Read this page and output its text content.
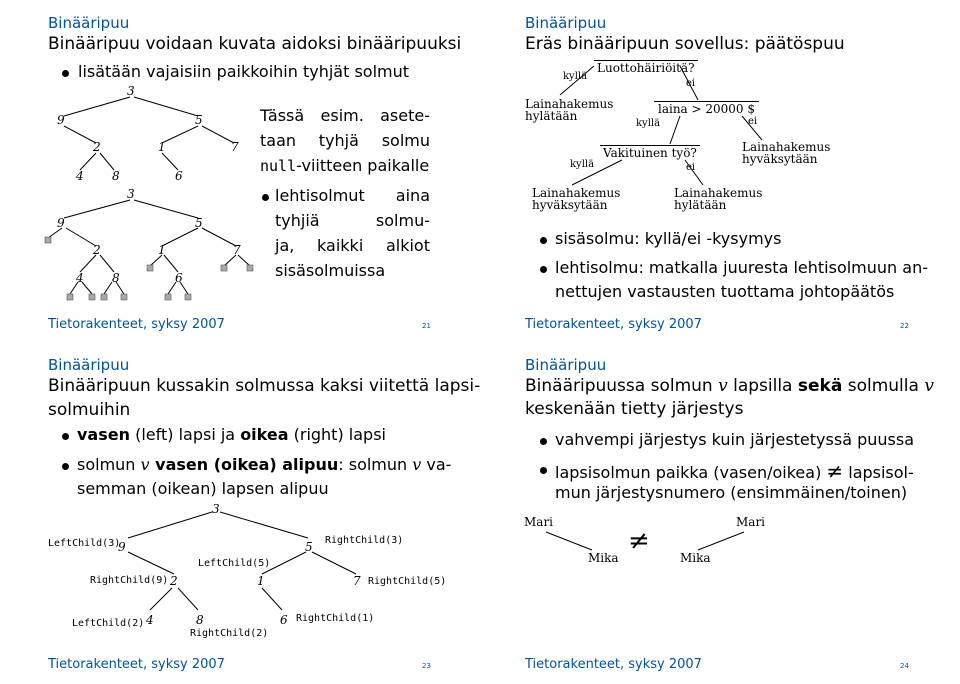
Binääripuu
Binääripuu voidaan kuvata aidoksi binääripuuksi
lisätään vajaisiin paikkoihin tyhjät solmut
3
9	5
2	1	7
4 8	6
3
9	5
2	1	7
4 8	6
Tässä esim. asete-
taan tyhjä solmu
null-viitteen paikalle
lehtisolmut aina
tyhjiä solmu-
ja, kaikki alkiot
sisäsolmuissa
Tietorakenteet, syksy 2007	21
Binääripuu
Eräs binääripuun sovellus: päätöspuu
Luottohäiriöitä?
kyllä
ei
Lainahakemus
hylätään	laina > 20000 $
kyllä	ei
Lainahakemus
hyväksytään
Vakituinen työ?
kyllä	ei
Lainahakemus
hyväksytään
Lainahakemus
hylätään
sisäsolmu: kyllä/ei -kysymys
lehtisolmu: matkalla juuresta lehtisolmuun an-
nettujen vastausten tuottama johtopäätös
Tietorakenteet, syksy 2007	22
Binääripuu
Binääripuun kussakin solmussa kaksi viitettä lapsi-
solmuihin
vasen (left) lapsi ja oikea (right) lapsi
solmun v vasen (oikea) alipuu: solmun v va-
semman (oikean) lapsen alipuu
3
9	5
2	1	7
4	8	6
LeftChild(3)	RightChild(3)
LeftChild(5)
RightChild(9)	RightChild(5)
LeftChild(2)
RightChild(2)
RightChild(1)
Tietorakenteet, syksy 2007	23
Binääripuu
Binääripuussa solmun v lapsilla sekä solmulla v
keskenään tietty järjestys
vahvempi järjestys kuin järjestetyssä puussa
lapsisolmun paikka (vasen/oikea) ≠ lapsisol-
mun järjestysnumero (ensimmäinen/toinen)
≠
Mari
Mika
Mari
Mika
Tietorakenteet, syksy 2007	24
